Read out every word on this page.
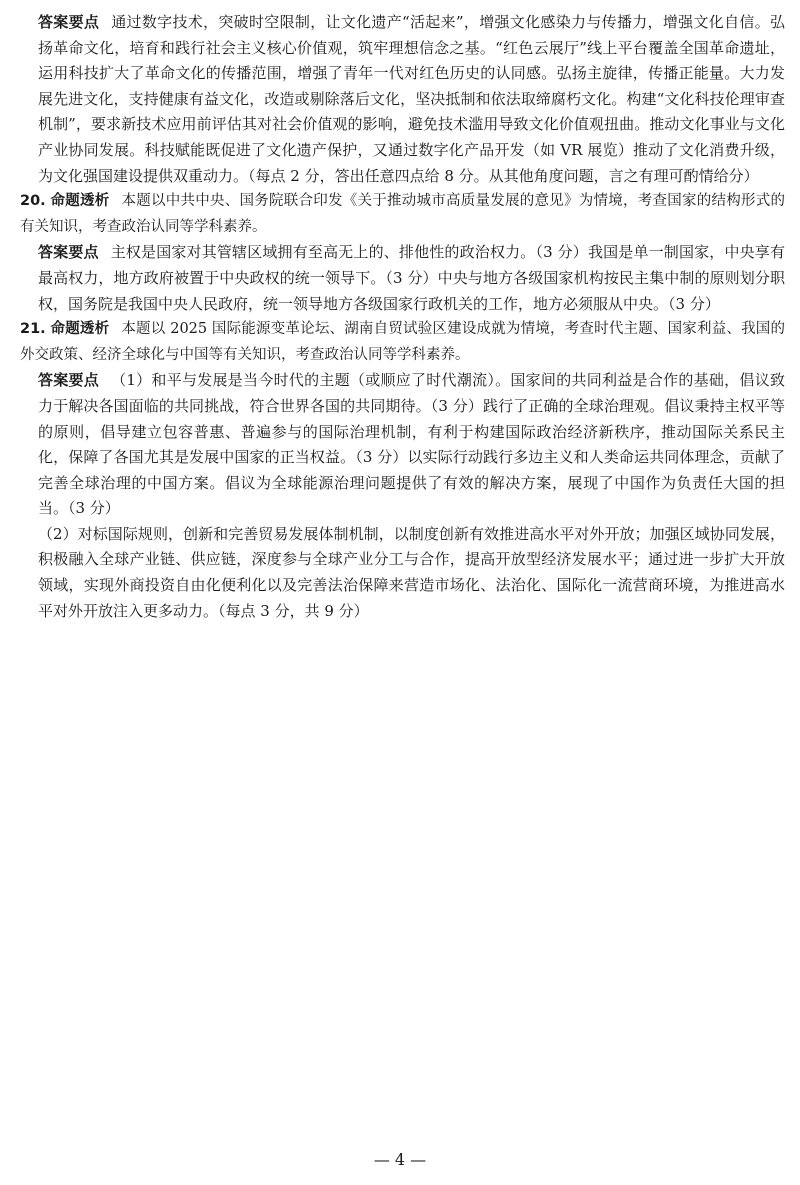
答案要点 通过数字技术，突破时空限制，让文化遗产“活起来”，增强文化感染力与传播力，增强文化自信。弘扬革命文化，培育和践行社会主义核心价值观，筑牢理想信念之基。“红色云展厅”线上平台覆盖全国革命遗址，运用科技扩大了革命文化的传播范围，增强了青年一代对红色历史的认同感。弘扬主旋律，传播正能量。大力发展先进文化，支持健康有益文化，改造或剔除落后文化，坚决抵制和依法取缔腐朽文化。构建“文化科技伦理审查机制”，要求新技术应用前评估其对社会价值观的影响，避免技术滥用导致文化价值观扭曲。推动文化事业与文化产业协同发展。科技赋能既促进了文化遗产保护，又通过数字化产品开发（如 VR 展览）推动了文化消费升级，为文化强国建设提供双重动力。（每点 2 分，答出任意四点给 8 分。从其他角度问题，言之有理可酌情给分）

20. 命题透析 本题以中共中央、国务院联合印发《关于推动城市高质量发展的意见》为情境，考查国家的结构形式的有关知识，考查政治认同等学科素养。

答案要点 主权是国家对其管辖区域拥有至高无上的、排他性的政治权力。（3 分）我国是单一制国家，中央享有最高权力，地方政府被置于中央政权的统一领导下。（3 分）中央与地方各级国家机构按民主集中制的原则划分职权，国务院是我国中央人民政府，统一领导地方各级国家行政机关的工作，地方必须服从中央。（3 分）

21. 命题透析 本题以 2025 国际能源变革论坛、湖南自贸试验区建设成就为情境，考查时代主题、国家利益、我国的外交政策、经济全球化与中国等有关知识，考查政治认同等学科素养。

答案要点 （1）和平与发展是当今时代的主题（或顺应了时代潮流）。国家间的共同利益是合作的基础，倡议致力于解决各国面临的共同挑战，符合世界各国的共同期待。（3 分）践行了正确的全球治理观。倡议秉持主权平等的原则，倡导建立包容普惠、普遍参与的国际治理机制，有利于构建国际政治经济新秩序，推动国际关系民主化，保障了各国尤其是发展中国家的正当权益。（3 分）以实际行动践行多边主义和人类命运共同体理念，贡献了完善全球治理的中国方案。倡议为全球能源治理问题提供了有效的解决方案，展现了中国作为负责任大国的担当。（3 分）

（2）对标国际规则，创新和完善贸易发展体制机制，以制度创新有效推进高水平对外开放；加强区域协同发展，积极融入全球产业链、供应链，深度参与全球产业分工与合作，提高开放型经济发展水平；通过进一步扩大开放领域，实现外商投资自由化便利化以及完善法治保障来营造市场化、法治化、国际化一流营商环境，为推进高水平对外开放注入更多动力。（每点 3 分，共 9 分）

— 4 —
